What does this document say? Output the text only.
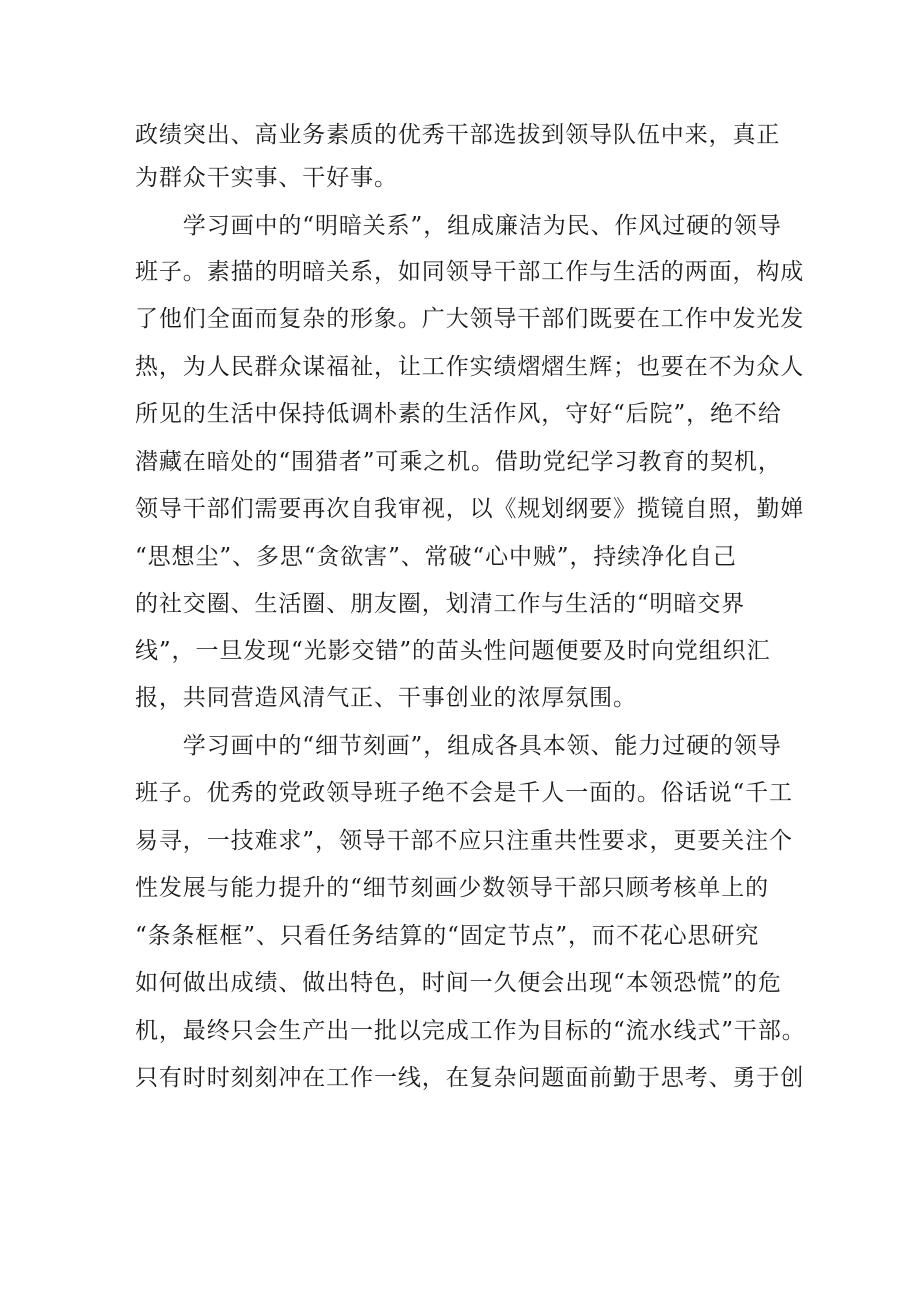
政绩突出、高业务素质的优秀干部选拔到领导队伍中来，真正

为群众干实事、干好事。

　　学习画中的“明暗关系”，组成廉洁为民、作风过硬的领导

班子。素描的明暗关系，如同领导干部工作与生活的两面，构成

了他们全面而复杂的形象。广大领导干部们既要在工作中发光发

热，为人民群众谋福祉，让工作实绩熠熠生辉；也要在不为众人

所见的生活中保持低调朴素的生活作风，守好“后院”，绝不给

潜藏在暗处的“围猎者”可乘之机。借助党纪学习教育的契机，

领导干部们需要再次自我审视，以《规划纲要》揽镜自照，勤婵

“思想尘”、多思“贪欲害”、常破“心中贼”，持续净化自己

的社交圈、生活圈、朋友圈，划清工作与生活的“明暗交界

线”，一旦发现“光影交错”的苗头性问题便要及时向党组织汇

报，共同营造风清气正、干事创业的浓厚氛围。

　　学习画中的“细节刻画”，组成各具本领、能力过硬的领导

班子。优秀的党政领导班子绝不会是千人一面的。俗话说“千工

易寻，一技难求”，领导干部不应只注重共性要求，更要关注个

性发展与能力提升的“细节刻画少数领导干部只顾考核单上的

“条条框框”、只看任务结算的“固定节点”，而不花心思研究

如何做出成绩、做出特色，时间一久便会出现“本领恐慌”的危

机，最终只会生产出一批以完成工作为目标的“流水线式”干部。

只有时时刻刻冲在工作一线，在复杂问题面前勤于思考、勇于创
